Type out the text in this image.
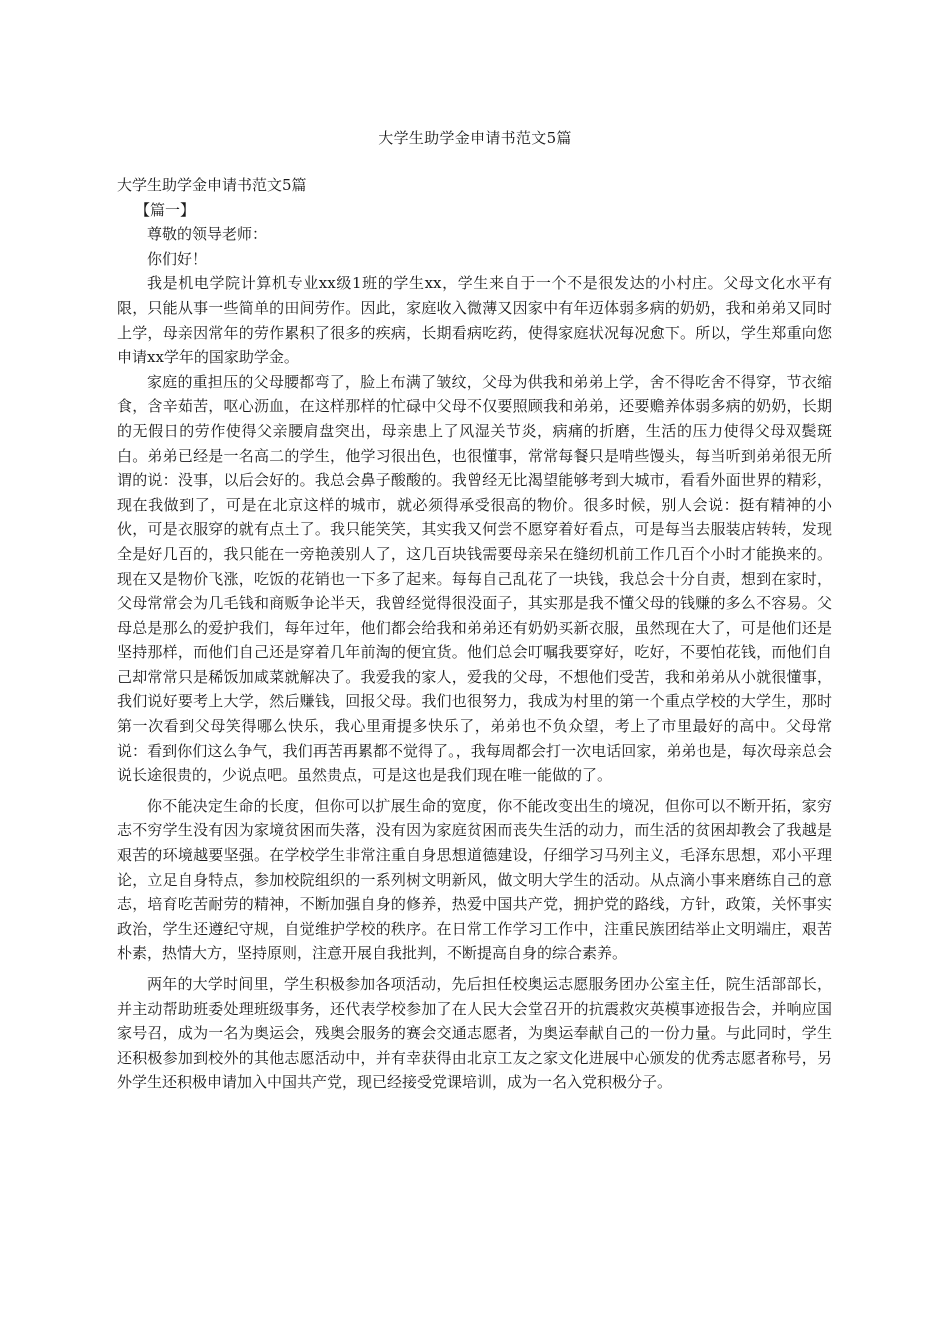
大学生助学金申请书范文5篇

大学生助学金申请书范文5篇

【篇一】

尊敬的领导老师：

你们好！

我是机电学院计算机专业xx级1班的学生xx，学生来自于一个不是很发达的小村庄。父母文化水平有限，只能从事一些简单的田间劳作。因此，家庭收入微薄又因家中有年迈体弱多病的奶奶，我和弟弟又同时上学，母亲因常年的劳作累积了很多的疾病，长期看病吃药，使得家庭状况每况愈下。所以，学生郑重向您申请xx学年的国家助学金。

家庭的重担压的父母腰都弯了，脸上布满了皱纹，父母为供我和弟弟上学，舍不得吃舍不得穿，节衣缩食，含辛茹苦，呕心沥血，在这样那样的忙碌中父母不仅要照顾我和弟弟，还要赡养体弱多病的奶奶，长期的无假日的劳作使得父亲腰肩盘突出，母亲患上了风湿关节炎，病痛的折磨，生活的压力使得父母双鬓斑白。弟弟已经是一名高二的学生，他学习很出色，也很懂事，常常每餐只是啃些馒头，每当听到弟弟很无所谓的说：没事，以后会好的。我总会鼻子酸酸的。我曾经无比渴望能够考到大城市，看看外面世界的精彩，现在我做到了，可是在北京这样的城市，就必须得承受很高的物价。很多时候，别人会说：挺有精神的小伙，可是衣服穿的就有点土了。我只能笑笑，其实我又何尝不愿穿着好看点，可是每当去服装店转转，发现全是好几百的，我只能在一旁艳羡别人了，这几百块钱需要母亲呆在缝纫机前工作几百个小时才能换来的。现在又是物价飞涨，吃饭的花销也一下多了起来。每每自己乱花了一块钱，我总会十分自责，想到在家时，父母常常会为几毛钱和商贩争论半天，我曾经觉得很没面子，其实那是我不懂父母的钱赚的多么不容易。父母总是那么的爱护我们，每年过年，他们都会给我和弟弟还有奶奶买新衣服，虽然现在大了，可是他们还是坚持那样，而他们自己还是穿着几年前淘的便宜货。他们总会叮嘱我要穿好，吃好，不要怕花钱，而他们自己却常常只是稀饭加咸菜就解决了。我爱我的家人，爱我的父母，不想他们受苦，我和弟弟从小就很懂事，我们说好要考上大学，然后赚钱，回报父母。我们也很努力，我成为村里的第一个重点学校的大学生，那时第一次看到父母笑得哪么快乐，我心里甭提多快乐了，弟弟也不负众望，考上了市里最好的高中。父母常说：看到你们这么争气，我们再苦再累都不觉得了。，我每周都会打一次电话回家，弟弟也是，每次母亲总会说长途很贵的，少说点吧。虽然贵点，可是这也是我们现在唯一能做的了。

你不能决定生命的长度，但你可以扩展生命的宽度，你不能改变出生的境况，但你可以不断开拓，家穷志不穷学生没有因为家境贫困而失落，没有因为家庭贫困而丧失生活的动力，而生活的贫困却教会了我越是艰苦的环境越要坚强。在学校学生非常注重自身思想道德建设，仔细学习马列主义，毛泽东思想，邓小平理论，立足自身特点，参加校院组织的一系列树文明新风，做文明大学生的活动。从点滴小事来磨练自己的意志，培育吃苦耐劳的精神，不断加强自身的修养，热爱中国共产党，拥护党的路线，方针，政策，关怀事实政治，学生还遵纪守规，自觉维护学校的秩序。在日常工作学习工作中，注重民族团结举止文明端庄，艰苦朴素，热情大方，坚持原则，注意开展自我批判，不断提高自身的综合素养。

两年的大学时间里，学生积极参加各项活动，先后担任校奥运志愿服务团办公室主任，院生活部部长，并主动帮助班委处理班级事务，还代表学校参加了在人民大会堂召开的抗震救灾英模事迹报告会，并响应国家号召，成为一名为奥运会，残奥会服务的赛会交通志愿者，为奥运奉献自己的一份力量。与此同时，学生还积极参加到校外的其他志愿活动中，并有幸获得由北京工友之家文化进展中心颁发的优秀志愿者称号，另外学生还积极申请加入中国共产党，现已经接受党课培训，成为一名入党积极分子。
